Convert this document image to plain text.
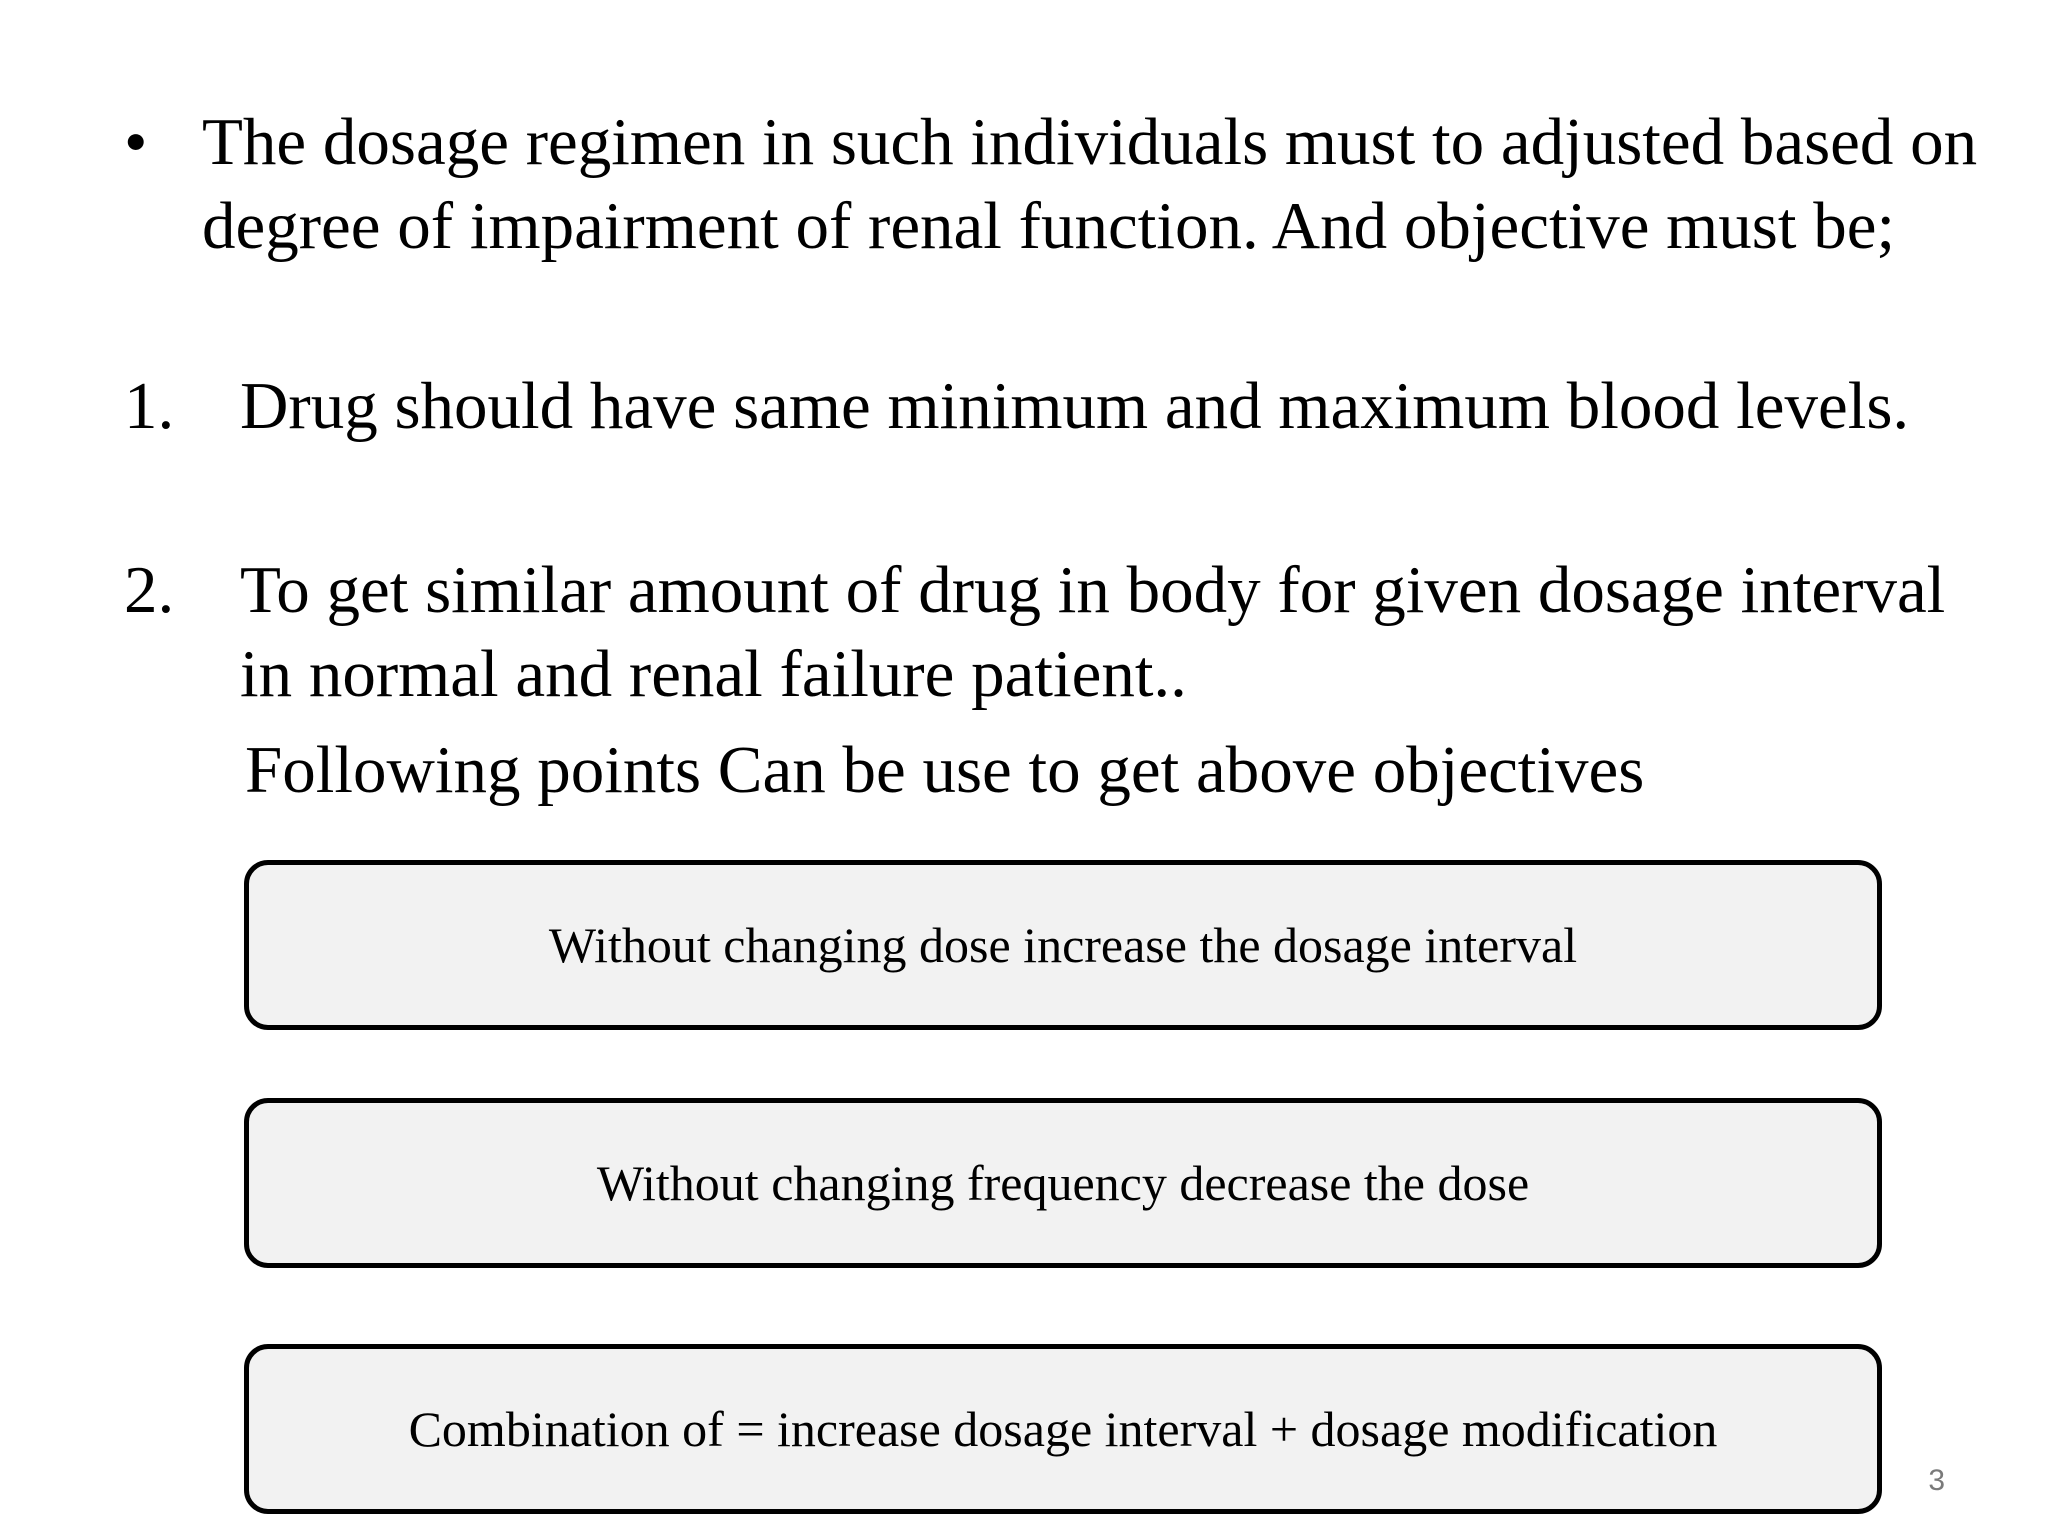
• The dosage regimen in such individuals must to adjusted based on degree of impairment of renal function. And objective must be;
1. Drug should have same minimum and maximum blood levels.
2. To get similar amount of drug in body for given dosage interval in normal and renal failure patient..
Following points Can be use to get above objectives
Without changing dose increase the dosage interval
Without changing frequency decrease the dose
Combination of = increase dosage interval + dosage modification
3
